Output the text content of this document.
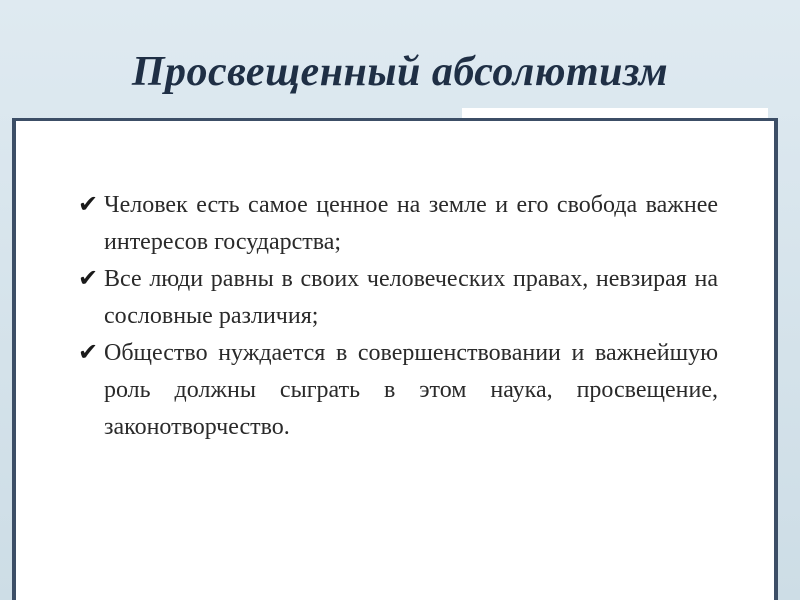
Просвещенный абсолютизм
✔ Человек есть самое ценное на земле и его свобода важнее интересов государства;
✔ Все люди равны в своих человеческих правах, невзирая на сословные различия;
✔ Общество нуждается в совершенствовании и важнейшую роль должны сыграть в этом наука, просвещение, законотворчество.
